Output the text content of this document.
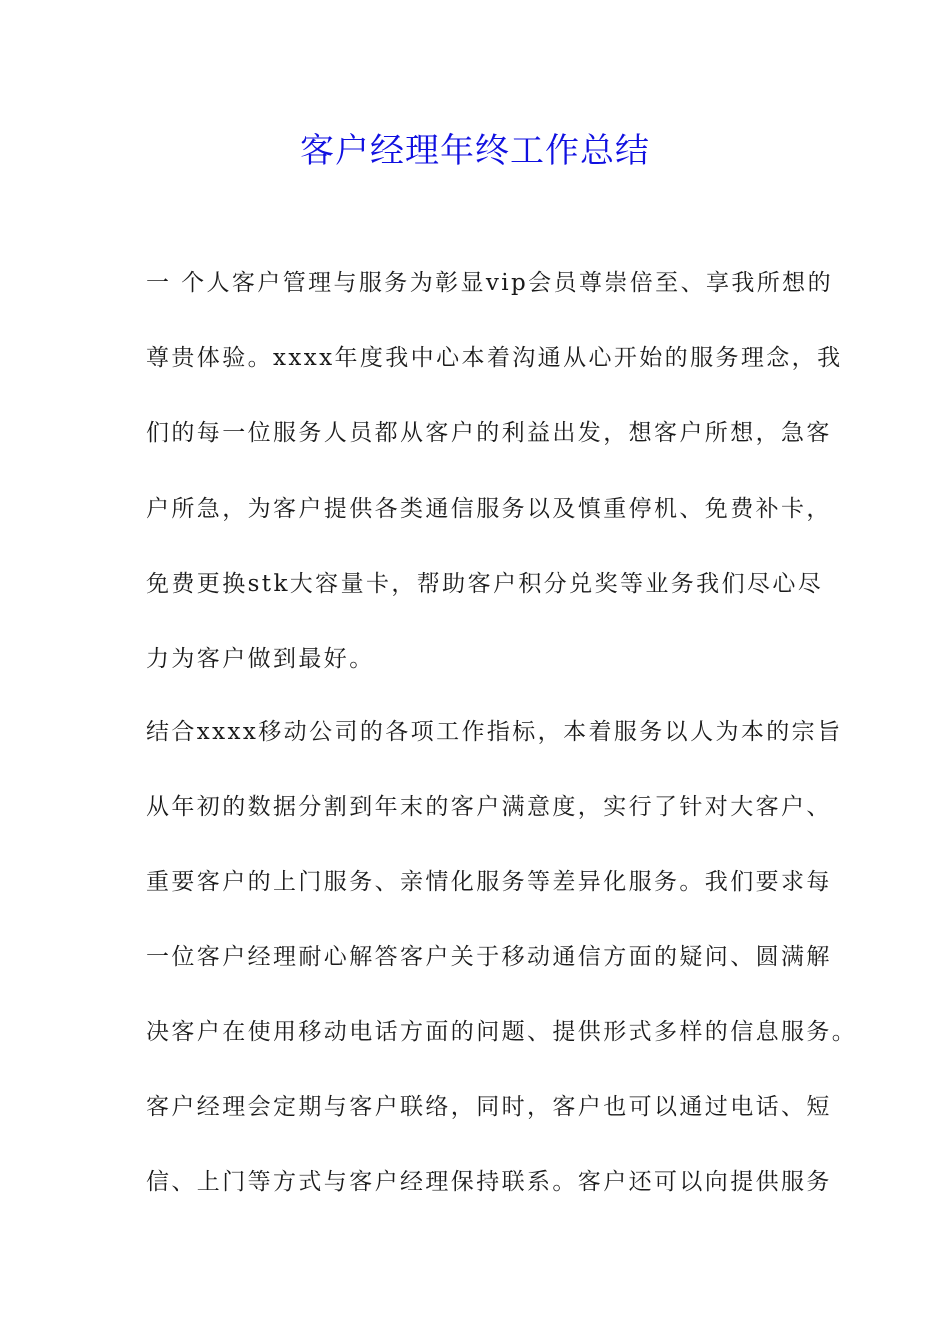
客户经理年终工作总结
一 个人客户管理与服务为彰显vip会员尊崇倍至、享我所想的
尊贵体验。xxxx年度我中心本着沟通从心开始的服务理念，我
们的每一位服务人员都从客户的利益出发，想客户所想，急客
户所急，为客户提供各类通信服务以及慎重停机、免费补卡，
免费更换stk大容量卡，帮助客户积分兑奖等业务我们尽心尽
力为客户做到最好。
结合xxxx移动公司的各项工作指标，本着服务以人为本的宗旨
从年初的数据分割到年末的客户满意度，实行了针对大客户、
重要客户的上门服务、亲情化服务等差异化服务。我们要求每
一位客户经理耐心解答客户关于移动通信方面的疑问、圆满解
决客户在使用移动电话方面的问题、提供形式多样的信息服务。
客户经理会定期与客户联络，同时，客户也可以通过电话、短
信、上门等方式与客户经理保持联系。客户还可以向提供服务
